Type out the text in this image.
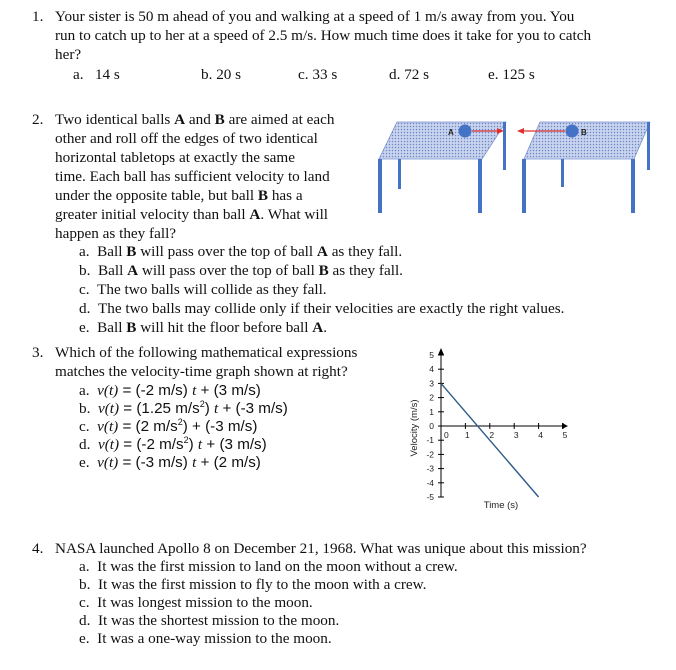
1. Your sister is 50 m ahead of you and walking at a speed of 1 m/s away from you. You
run to catch up to her at a speed of 2.5 m/s. How much time does it take for you to catch
her?
a. 14 s	b. 20 s	c. 33 s	d. 72 s	e. 125 s
2. Two identical balls A and B are aimed at each
other and roll off the edges of two identical
horizontal tabletops at exactly the same
time. Each ball has sufficient velocity to land
under the opposite table, but ball B has a
greater initial velocity than ball A. What will
happen as they fall?
A	B
a. Ball B will pass over the top of ball A as they fall.
b. Ball A will pass over the top of ball B as they fall.
c. The two balls will collide as they fall.
d. The two balls may collide only if their velocities are exactly the right values.
e. Ball B will hit the floor before ball A.
3. Which of the following mathematical expressions
matches the velocity-time graph shown at right?
a. v(t) = (-2 m/s) t + (3 m/s)
b. v(t) = (1.25 $m/s^2$) t + (-3 m/s)
c. v(t) = (2 $m/s^2) + (-3$ m/s)
d. v(t) = (-2 $m/s^2$) t + (3 m/s)
e. v(t) = (-3 m/s) t + (2 m/s)
Velocity (m/s)
Time (s)
5
4
3
2
1
0
-1
-2
-3
-4
-5
1 2 3 4 5
0
4. NASA launched Apollo 8 on December 21, 1968. What was unique about this mission?
a. It was the first mission to land on the moon without a crew.
b. It was the first mission to fly to the moon with a crew.
c. It was longest mission to the moon.
d. It was the shortest mission to the moon.
e. It was a one-way mission to the moon.
